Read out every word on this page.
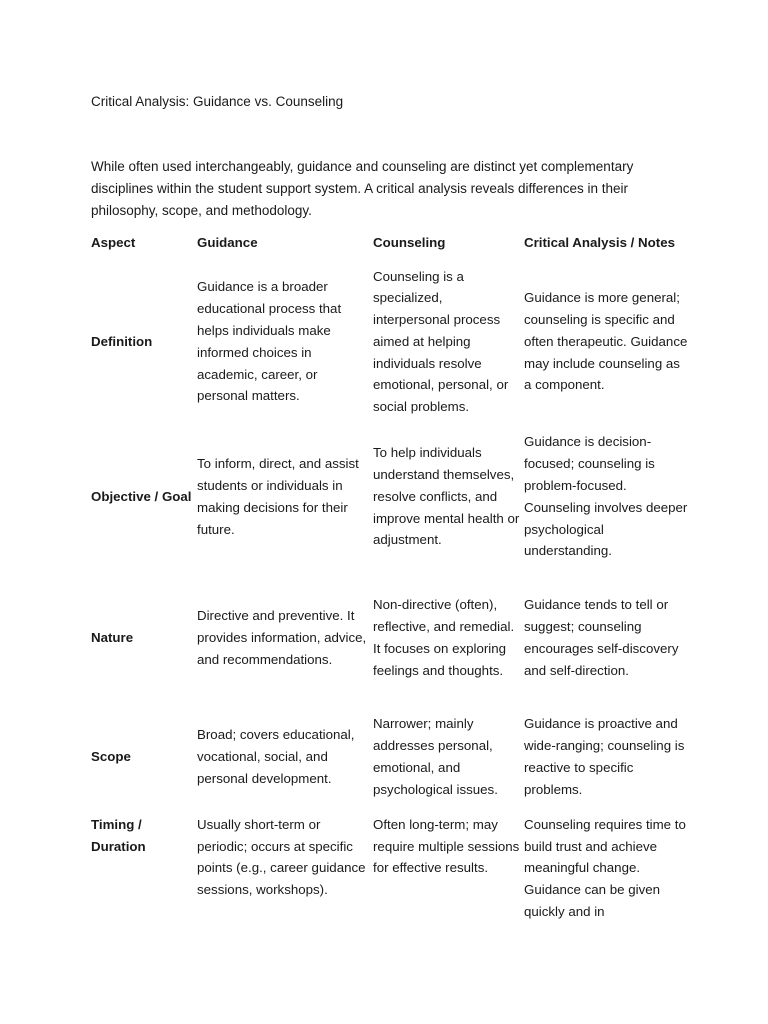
Critical Analysis: Guidance vs. Counseling

While often used interchangeably, guidance and counseling are distinct yet complementary disciplines within the student support system. A critical analysis reveals differences in their philosophy, scope, and methodology.

Aspect	Guidance	Counseling	Critical Analysis / Notes
Definition	Guidance is a broader educational process that helps individuals make informed choices in academic, career, or personal matters.	Counseling is a specialized, interpersonal process aimed at helping individuals resolve emotional, personal, or social problems.	Guidance is more general; counseling is specific and often therapeutic. Guidance may include counseling as a component.
Objective / Goal	To inform, direct, and assist students or individuals in making decisions for their future.	To help individuals understand themselves, resolve conflicts, and improve mental health or adjustment.	Guidance is decision-focused; counseling is problem-focused. Counseling involves deeper psychological understanding.
Nature	Directive and preventive. It provides information, advice, and recommendations.	Non-directive (often), reflective, and remedial. It focuses on exploring feelings and thoughts.	Guidance tends to tell or suggest; counseling encourages self-discovery and self-direction.
Scope	Broad; covers educational, vocational, social, and personal development.	Narrower; mainly addresses personal, emotional, and psychological issues.	Guidance is proactive and wide-ranging; counseling is reactive to specific problems.
Timing / Duration	Usually short-term or periodic; occurs at specific points (e.g., career guidance sessions, workshops).	Often long-term; may require multiple sessions for effective results.	Counseling requires time to build trust and achieve meaningful change. Guidance can be given quickly and in
